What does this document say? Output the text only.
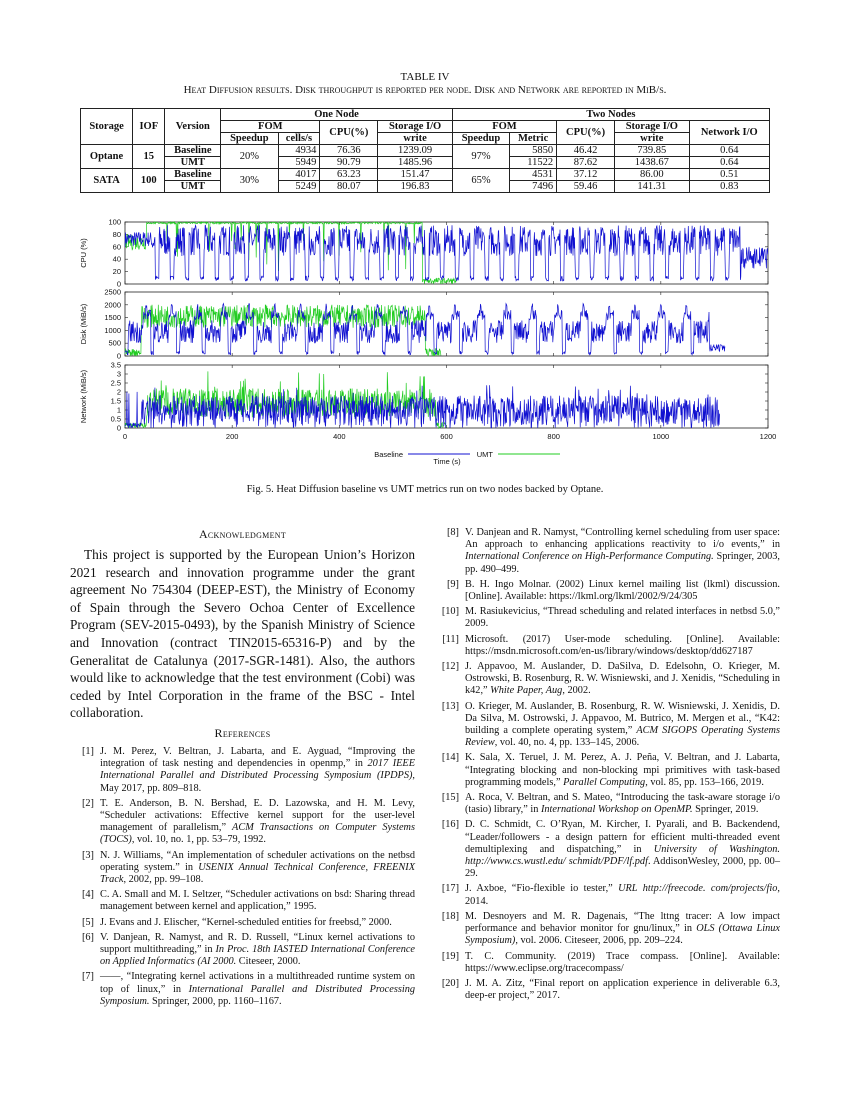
TABLE IV
Heat Diffusion results. Disk throughput is reported per node. Disk and Network are reported in MiB/s.
Storage	IOF	Version	One Node				Two Nodes				
			FOM		CPU(%)	Storage I/O	FOM		CPU(%)	Storage I/O	Network I/O
			Speedup	cells/s		write	Speedup	Metric		write	
Optane	15	Baseline	20%	4934	76.36	1239.09	97%	5850	46.42	739.85	0.64
		UMT		5949	90.79	1485.96		11522	87.62	1438.67	0.64
SATA	100	Baseline	30%	4017	63.23	151.47	65%	4531	37.12	86.00	0.51
		UMT		5249	80.07	196.83		7496	59.46	141.31	0.83
0
20
40
60
80
100
CPU (%)
0
500
1000
1500
2000
2500
Disk (MiB/s)
0
0.5
1
1.5
2
2.5
3
3.5
Network (MiB/s)
0	200	400	600	800	1000	1200
Baseline	UMT
Time (s)
Fig. 5. Heat Diffusion baseline vs UMT metrics run on two nodes backed by Optane.
Acknowledgment
This project is supported by the European Union’s Horizon 2021 research and innovation programme under the grant agreement No 754304 (DEEP-EST), the Ministry of Economy of Spain through the Severo Ochoa Center of Excellence Program (SEV-2015-0493), by the Spanish Ministry of Science and Innovation (contract TIN2015-65316-P) and by the Generalitat de Catalunya (2017-SGR-1481). Also, the authors would like to acknowledge that the test environment (Cobi) was ceded by Intel Corporation in the frame of the BSC - Intel collaboration.
References
[1] J. M. Perez, V. Beltran, J. Labarta, and E. Ayguad, “Improving the integration of task nesting and dependencies in openmp,” in 2017 IEEE International Parallel and Distributed Processing Symposium (IPDPS), May 2017, pp. 809–818.
[2] T. E. Anderson, B. N. Bershad, E. D. Lazowska, and H. M. Levy, “Scheduler activations: Effective kernel support for the user-level management of parallelism,” ACM Transactions on Computer Systems (TOCS), vol. 10, no. 1, pp. 53–79, 1992.
[3] N. J. Williams, “An implementation of scheduler activations on the netbsd operating system.” in USENIX Annual Technical Conference, FREENIX Track, 2002, pp. 99–108.
[4] C. A. Small and M. I. Seltzer, “Scheduler activations on bsd: Sharing thread management between kernel and application,” 1995.
[5] J. Evans and J. Elischer, “Kernel-scheduled entities for freebsd,” 2000.
[6] V. Danjean, R. Namyst, and R. D. Russell, “Linux kernel activations to support multithreading,” in In Proc. 18th IASTED International Conference on Applied Informatics (AI 2000. Citeseer, 2000.
[7] ——, “Integrating kernel activations in a multithreaded runtime system on top of linux,” in International Parallel and Distributed Processing Symposium. Springer, 2000, pp. 1160–1167.
[8] V. Danjean and R. Namyst, “Controlling kernel scheduling from user space: An approach to enhancing applications reactivity to i/o events,” in International Conference on High-Performance Computing. Springer, 2003, pp. 490–499.
[9] B. H. Ingo Molnar. (2002) Linux kernel mailing list (lkml) discussion. [Online]. Available: https://lkml.org/lkml/2002/9/24/305
[10] M. Rasiukevicius, “Thread scheduling and related interfaces in netbsd 5.0,” 2009.
[11] Microsoft. (2017) User-mode scheduling. [Online]. Available: https://msdn.microsoft.com/en-us/library/windows/desktop/dd627187
[12] J. Appavoo, M. Auslander, D. DaSilva, D. Edelsohn, O. Krieger, M. Ostrowski, B. Rosenburg, R. W. Wisniewski, and J. Xenidis, “Scheduling in k42,” White Paper, Aug, 2002.
[13] O. Krieger, M. Auslander, B. Rosenburg, R. W. Wisniewski, J. Xenidis, D. Da Silva, M. Ostrowski, J. Appavoo, M. Butrico, M. Mergen et al., “K42: building a complete operating system,” ACM SIGOPS Operating Systems Review, vol. 40, no. 4, pp. 133–145, 2006.
[14] K. Sala, X. Teruel, J. M. Perez, A. J. Peña, V. Beltran, and J. Labarta, “Integrating blocking and non-blocking mpi primitives with task-based programming models,” Parallel Computing, vol. 85, pp. 153–166, 2019.
[15] A. Roca, V. Beltran, and S. Mateo, “Introducing the task-aware storage i/o (tasio) library,” in International Workshop on OpenMP. Springer, 2019.
[16] D. C. Schmidt, C. O’Ryan, M. Kircher, I. Pyarali, and B. Backendend, “Leader/followers - a design pattern for efficient multi-threaded event demultiplexing and dispatching,” in University of Washington. http://www.cs.wustl.edu/ schmidt/PDF/lf.pdf. AddisonWesley, 2000, pp. 00–29.
[17] J. Axboe, “Fio-flexible io tester,” URL http://freecode. com/projects/fio, 2014.
[18] M. Desnoyers and M. R. Dagenais, “The lttng tracer: A low impact performance and behavior monitor for gnu/linux,” in OLS (Ottawa Linux Symposium), vol. 2006. Citeseer, 2006, pp. 209–224.
[19] T. C. Community. (2019) Trace compass. [Online]. Available: https://www.eclipse.org/tracecompass/
[20] J. M. A. Zitz, “Final report on application experience in deliverable 6.3, deep-er project,” 2017.
